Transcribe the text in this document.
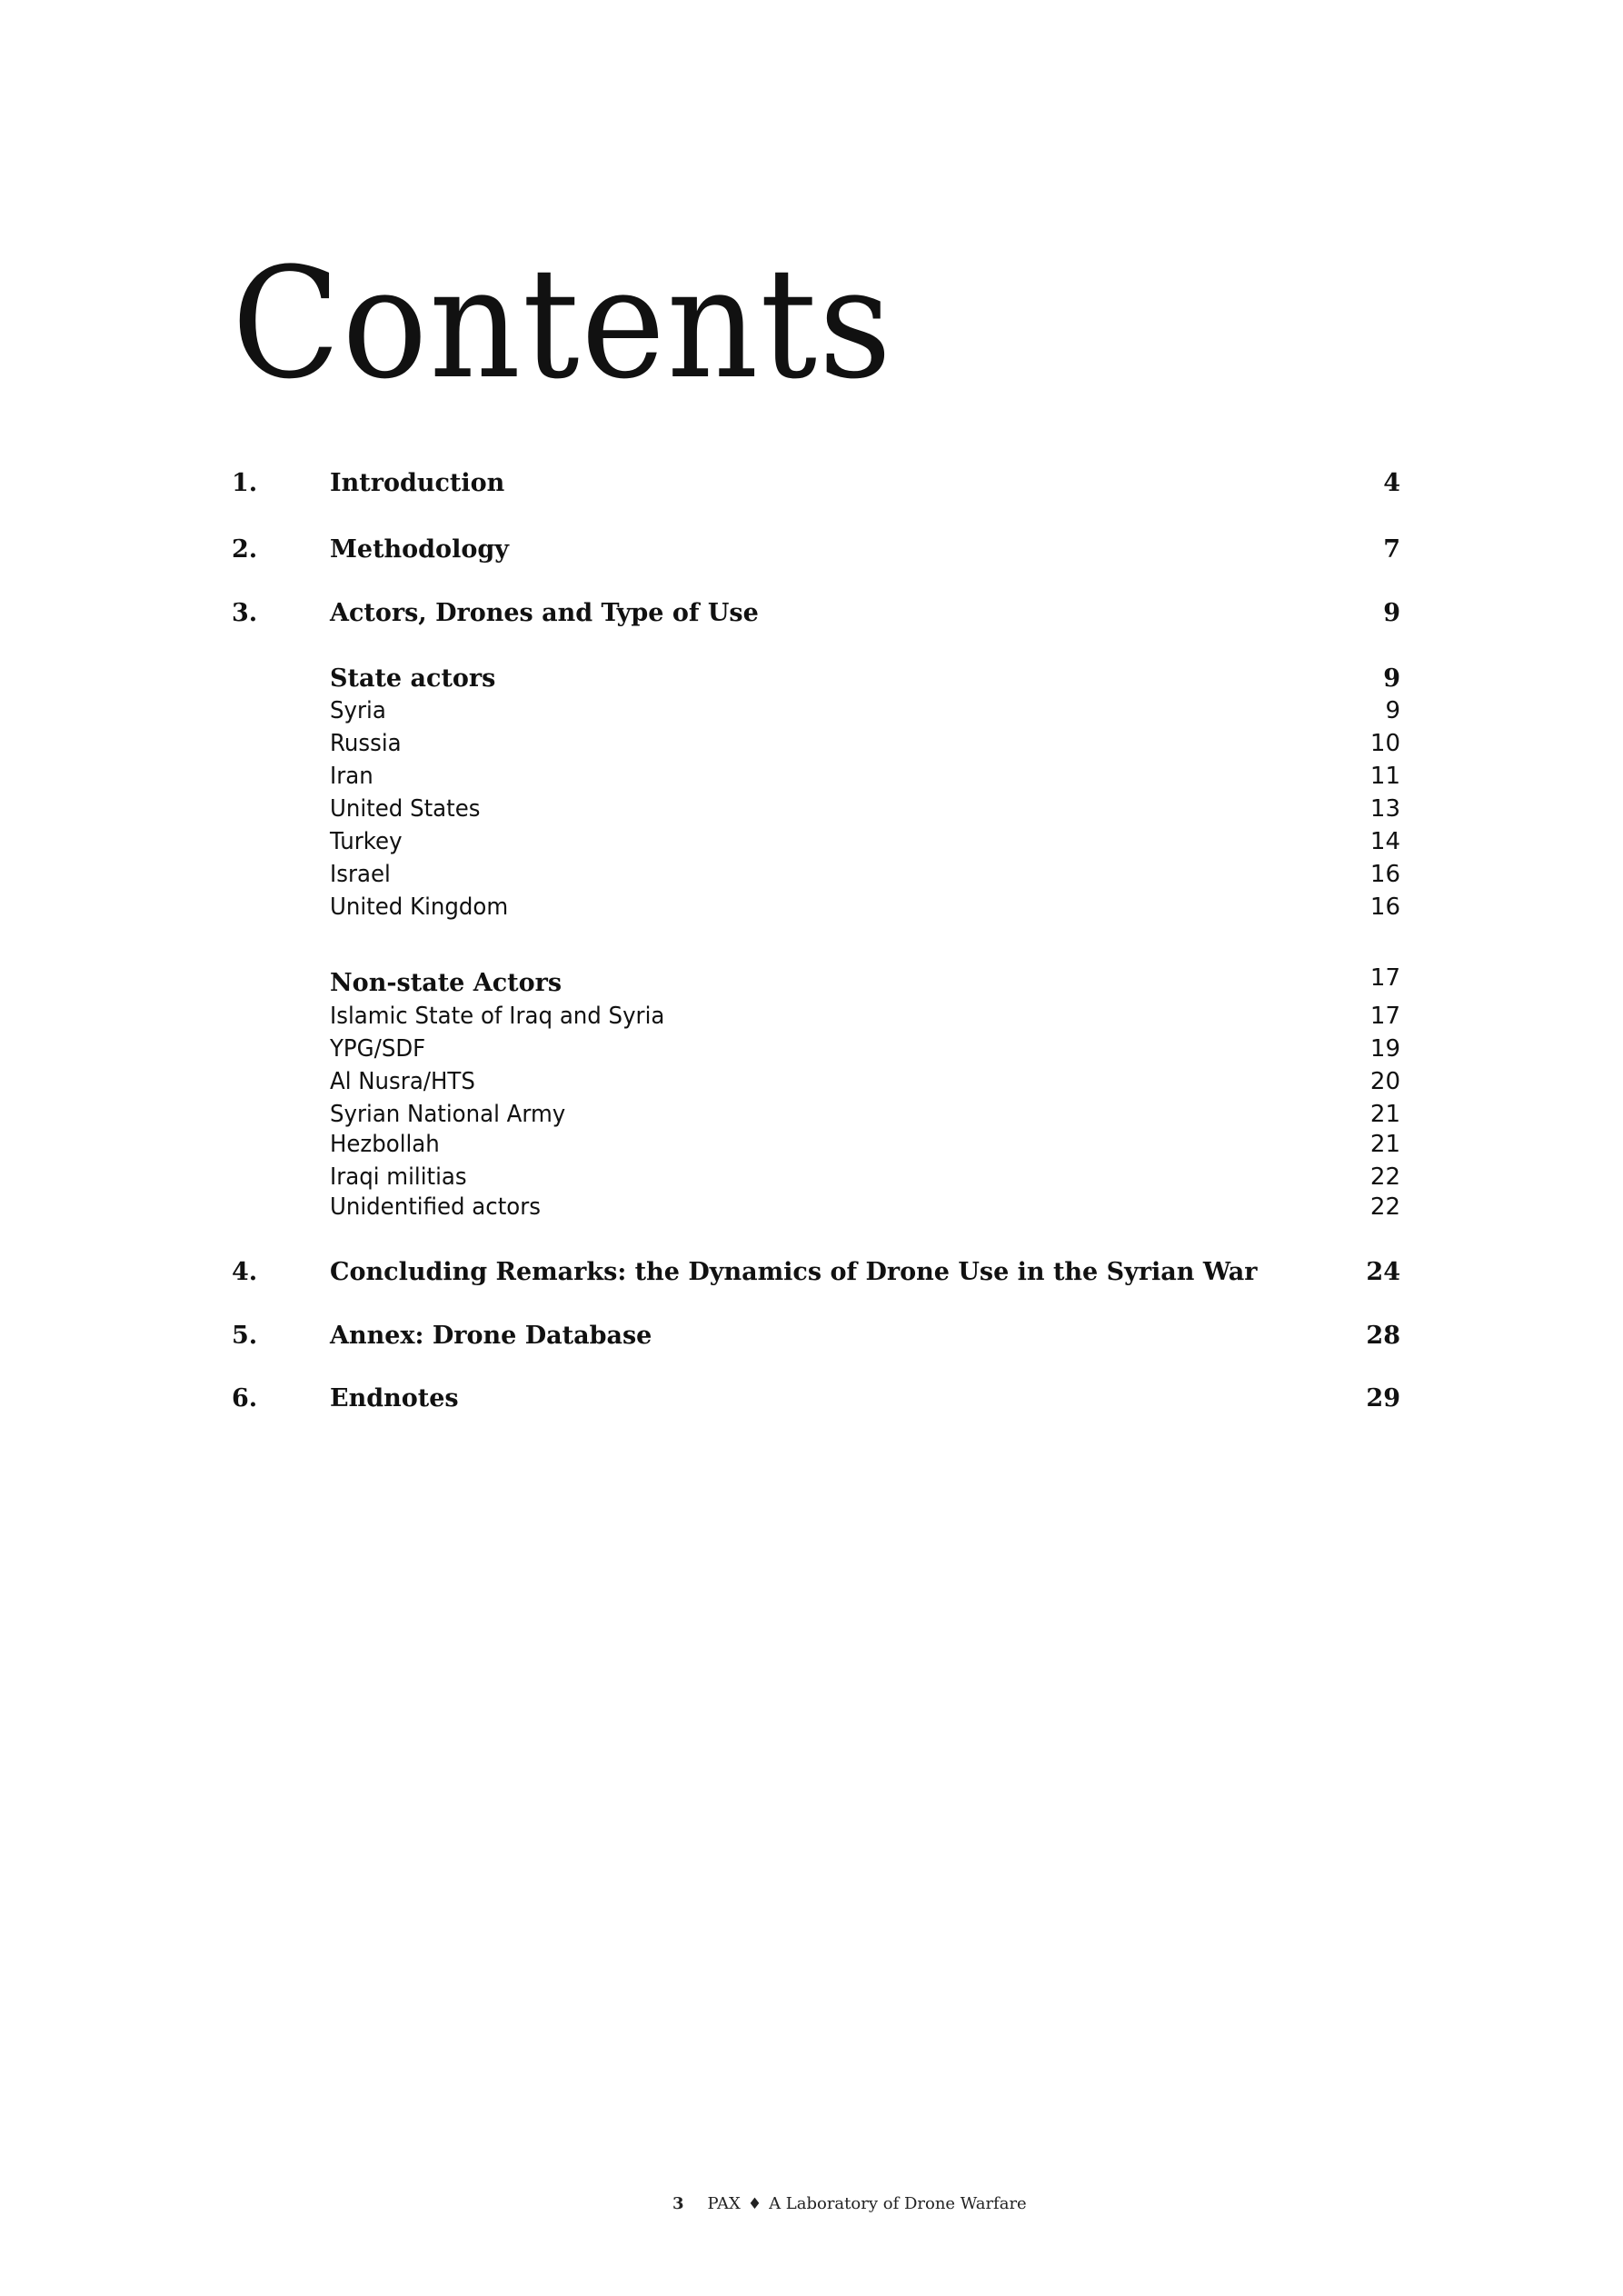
Contents
1.	Introduction	4
2.	Methodology	7
3.	Actors, Drones and Type of Use	9
State actors	9
Syria	9
Russia	10
Iran	11
United States	13
Turkey	14
Israel	16
United Kingdom	16
Non-state Actors	17
Islamic State of Iraq and Syria	17
YPG/SDF	19
Al Nusra/HTS	20
Syrian National Army	21
Hezbollah	21
Iraqi militias	22
Unidentified actors	22
4.	Concluding Remarks: the Dynamics of Drone Use in the Syrian War	24
5.	Annex: Drone Database	28
6.	Endnotes	29
3 PAX ♦ A Laboratory of Drone Warfare
